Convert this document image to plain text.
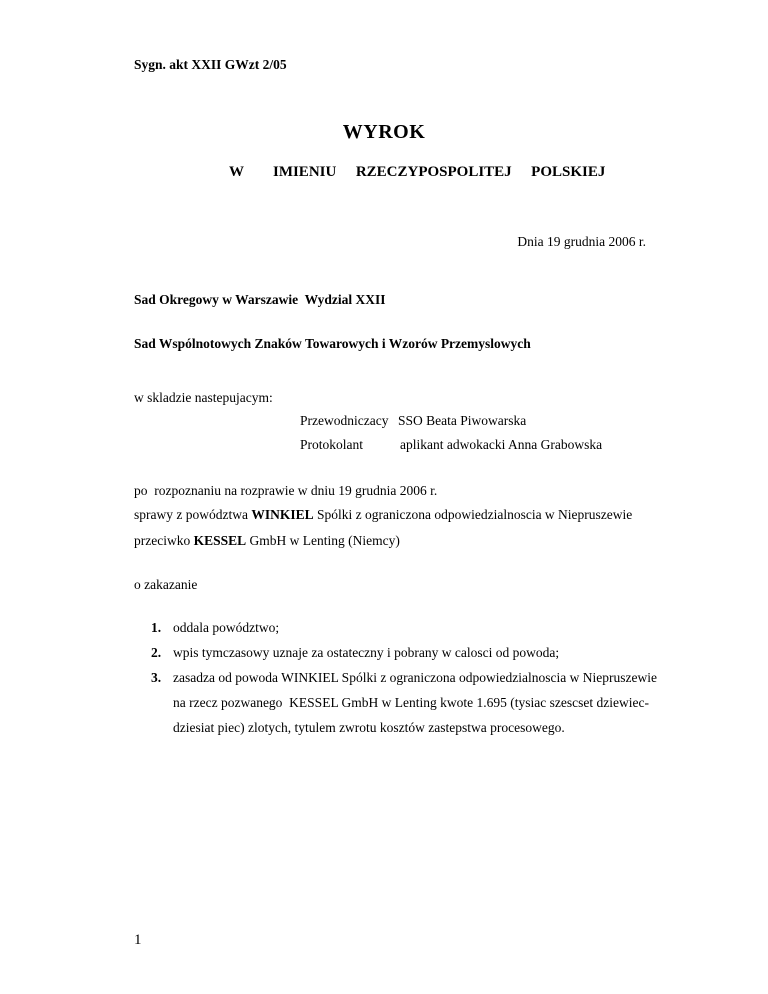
Sygn. akt XXII GWzt 2/05
WYROK
W   IMIENIU  RZECZYPOSPOLITEJ  POLSKIEJ
Dnia 19 grudnia 2006 r.
Sad Okregowy w Warszawie  Wydzial XXII
Sad Wspólnotowych Znaków Towarowych i Wzorów Przemyslowych
w skladzie nastepujacym:
Przewodniczacy SSO Beata Piwowarska
Protokolant	aplikant adwokacki Anna Grabowska
po  rozpoznaniu na rozprawie w dniu 19 grudnia 2006 r.
sprawy z powództwa WINKIEL Spólki z ograniczona odpowiedzialnoscia w Niepruszewie
przeciwko KESSEL GmbH w Lenting (Niemcy)
o zakazanie
1. oddala powództwo;
2. wpis tymczasowy uznaje za ostateczny i pobrany w calosci od powoda;
3. zasadza od powoda WINKIEL Spólki z ograniczona odpowiedzialnoscia w Niepruszewie
na rzecz pozwanego  KESSEL GmbH w Lenting kwote 1.695 (tysiac szescset dziewiec-
dziesiat piec) zlotych, tytulem zwrotu kosztów zastepstwa procesowego.
1
